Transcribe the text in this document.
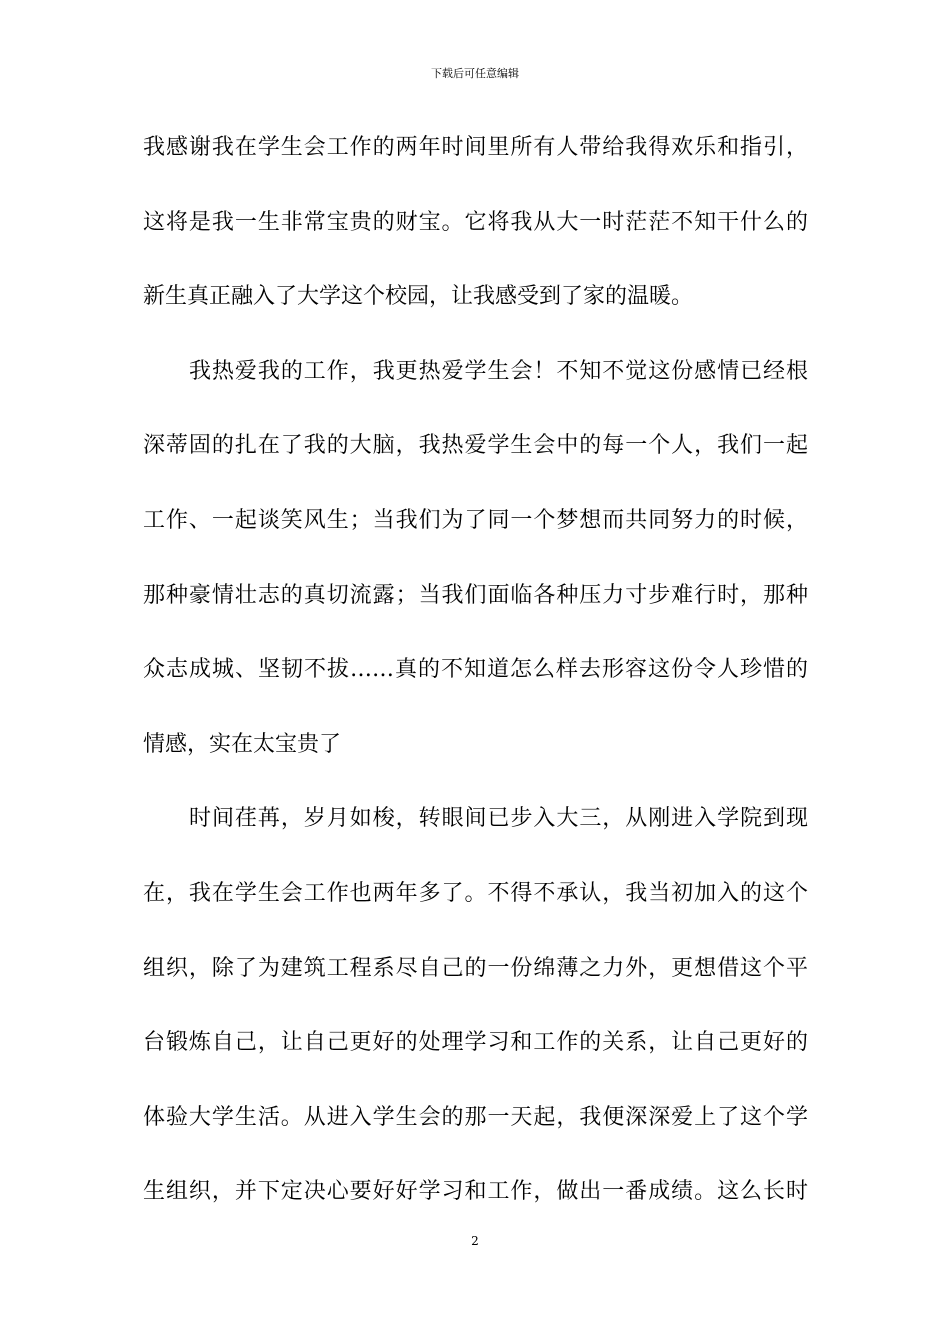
下载后可任意编辑
我感谢我在学生会工作的两年时间里所有人带给我得欢乐和指引，
这将是我一生非常宝贵的财宝。它将我从大一时茫茫不知干什么的
新生真正融入了大学这个校园，让我感受到了家的温暖。
我热爱我的工作，我更热爱学生会！不知不觉这份感情已经根
深蒂固的扎在了我的大脑，我热爱学生会中的每一个人，我们一起
工作、一起谈笑风生；当我们为了同一个梦想而共同努力的时候，
那种豪情壮志的真切流露；当我们面临各种压力寸步难行时，那种
众志成城、坚韧不拔……真的不知道怎么样去形容这份令人珍惜的
情感，实在太宝贵了
时间荏苒，岁月如梭，转眼间已步入大三，从刚进入学院到现
在，我在学生会工作也两年多了。不得不承认，我当初加入的这个
组织，除了为建筑工程系尽自己的一份绵薄之力外，更想借这个平
台锻炼自己，让自己更好的处理学习和工作的关系，让自己更好的
体验大学生活。从进入学生会的那一天起，我便深深爱上了这个学
生组织，并下定决心要好好学习和工作，做出一番成绩。这么长时
2
